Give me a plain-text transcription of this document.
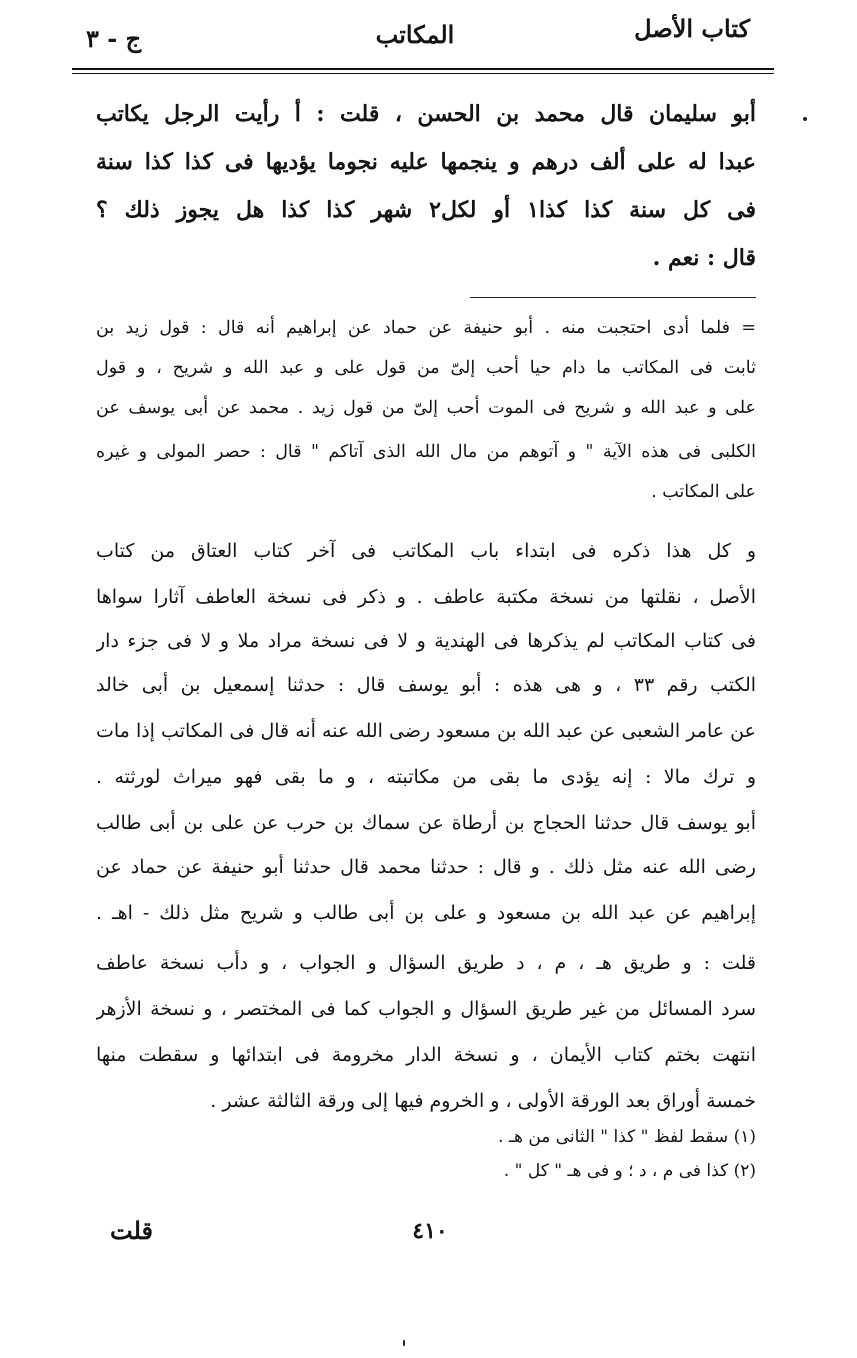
كتاب الأصل
المكاتب
ج - ٣
أبو سليمان قال محمد بن الحسن ، قلت : أ رأيت الرجل يكاتب
عبدا له على ألف درهم و ينجمها عليه نجوما يؤديها فى كذا كذا سنة
فى كل سنة كذا كذا١ أو لكل٢ شهر كذا كذا هل يجوز ذلك ؟
قال : نعم .
= فلما أدى احتجبت منه . أبو حنيفة عن حماد عن إبراهيم أنه قال : قول زيد بن
ثابت فى المكاتب ما دام حيا أحب إلىّ من قول على و عبد الله و شريح ، و قول
على و عبد الله و شريح فى الموت أحب إلىّ من قول زيد . محمد عن أبى يوسف عن
الكلبى فى هذه الآية " و آتوهم من مال الله الذى آتاكم " قال : حصر المولى و غيره
على المكاتب .
و كل هذا ذكره فى ابتداء باب المكاتب فى آخر كتاب العتاق من كتاب
الأصل ، نقلتها من نسخة مكتبة عاطف . و ذكر فى نسخة العاطف آثارا سواها
فى كتاب المكاتب لم يذكرها فى الهندية و لا فى نسخة مراد ملا و لا فى جزء دار
الكتب رقم ٣٣ ، و هى هذه : أبو يوسف قال : حدثنا إسمعيل بن أبى خالد
عن عامر الشعبى عن عبد الله بن مسعود رضى الله عنه أنه قال فى المكاتب إذا مات
و ترك مالا : إنه يؤدى ما بقى من مكاتبته ، و ما بقى فهو ميراث لورثته .
أبو يوسف قال حدثنا الحجاج بن أرطاة عن سماك بن حرب عن على بن أبى طالب
رضى الله عنه مثل ذلك . و قال : حدثنا محمد قال حدثنا أبو حنيفة عن حماد عن
إبراهيم عن عبد الله بن مسعود و على بن أبى طالب و شريح مثل ذلك - اهـ .
قلت : و طريق هـ ، م ، د طريق السؤال و الجواب ، و دأب نسخة عاطف
سرد المسائل من غير طريق السؤال و الجواب كما فى المختصر ، و نسخة الأزهر
انتهت بختم كتاب الأيمان ، و نسخة الدار مخرومة فى ابتدائها و سقطت منها
خمسة أوراق بعد الورقة الأولى ، و الخروم فيها إلى ورقة الثالثة عشر .
(١) سقط لفظ " كذا " الثانى من هـ .
(٢) كذا فى م ، د ؛ و فى هـ " كل " .
٤١٠
قلت
